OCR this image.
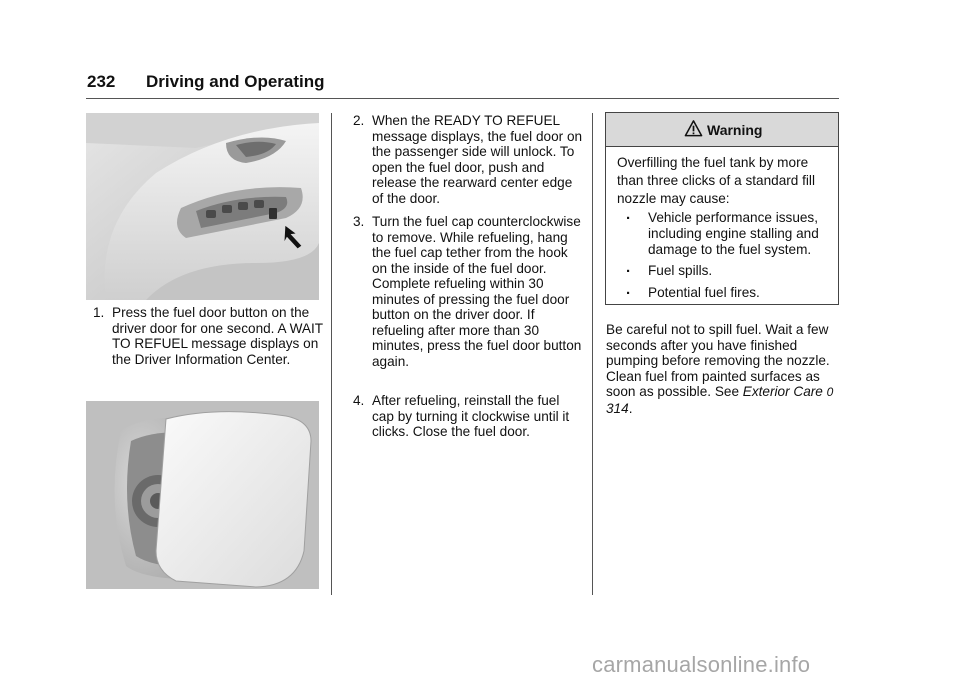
232 Driving and Operating
1. Press the fuel door button on the driver door for one second. A WAIT TO REFUEL message displays on the Driver Information Center.
2. When the READY TO REFUEL message displays, the fuel door on the passenger side will unlock. To open the fuel door, push and release the rearward center edge of the door.
3. Turn the fuel cap counterclockwise to remove. While refueling, hang the fuel cap tether from the hook on the inside of the fuel door. Complete refueling within 30 minutes of pressing the fuel door button on the driver door. If refueling after more than 30 minutes, press the fuel door button again.
4. After refueling, reinstall the fuel cap by turning it clockwise until it clicks. Close the fuel door.
Warning
Overfilling the fuel tank by more than three clicks of a standard fill nozzle may cause:
. Vehicle performance issues, including engine stalling and damage to the fuel system.
. Fuel spills.
. Potential fuel fires.
Be careful not to spill fuel. Wait a few seconds after you have finished pumping before removing the nozzle. Clean fuel from painted surfaces as soon as possible. See Exterior Care 0 314.
carmanualsonline.info
